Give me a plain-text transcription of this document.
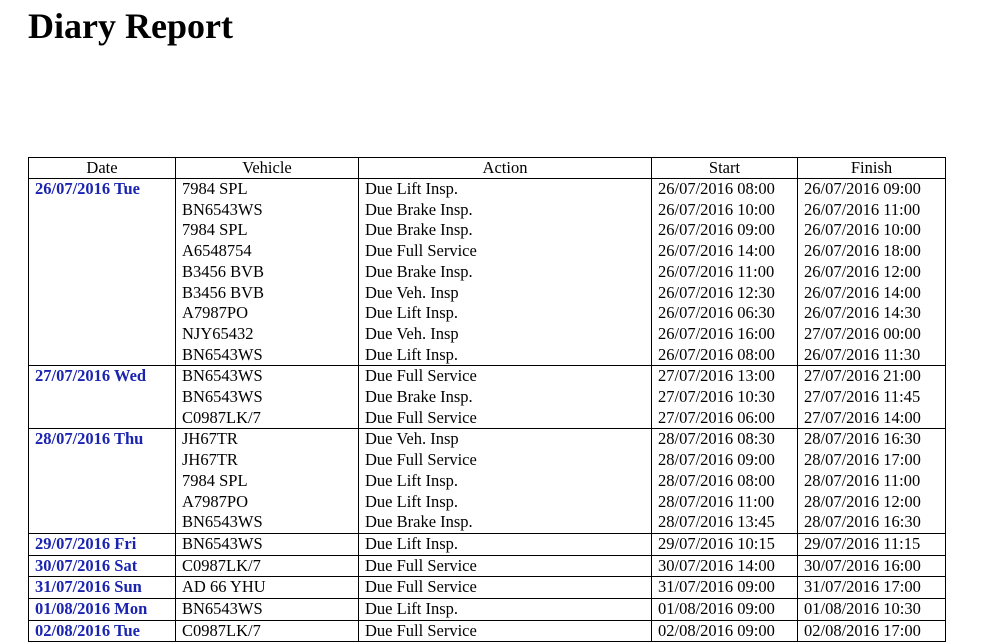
Diary Report
Date	Vehicle	Action	Start	Finish
26/07/2016 Tue	7984 SPL	Due Lift Insp.	26/07/2016 08:00	26/07/2016 09:00
	BN6543WS	Due Brake Insp.	26/07/2016 10:00	26/07/2016 11:00
	7984 SPL	Due Brake Insp.	26/07/2016 09:00	26/07/2016 10:00
	A6548754	Due Full Service	26/07/2016 14:00	26/07/2016 18:00
	B3456 BVB	Due Brake Insp.	26/07/2016 11:00	26/07/2016 12:00
	B3456 BVB	Due Veh. Insp	26/07/2016 12:30	26/07/2016 14:00
	A7987PO	Due Lift Insp.	26/07/2016 06:30	26/07/2016 14:30
	NJY65432	Due Veh. Insp	26/07/2016 16:00	27/07/2016 00:00
	BN6543WS	Due Lift Insp.	26/07/2016 08:00	26/07/2016 11:30
27/07/2016 Wed	BN6543WS	Due Full Service	27/07/2016 13:00	27/07/2016 21:00
	BN6543WS	Due Brake Insp.	27/07/2016 10:30	27/07/2016 11:45
	C0987LK/7	Due Full Service	27/07/2016 06:00	27/07/2016 14:00
28/07/2016 Thu	JH67TR	Due Veh. Insp	28/07/2016 08:30	28/07/2016 16:30
	JH67TR	Due Full Service	28/07/2016 09:00	28/07/2016 17:00
	7984 SPL	Due Lift Insp.	28/07/2016 08:00	28/07/2016 11:00
	A7987PO	Due Lift Insp.	28/07/2016 11:00	28/07/2016 12:00
	BN6543WS	Due Brake Insp.	28/07/2016 13:45	28/07/2016 16:30
29/07/2016 Fri	BN6543WS	Due Lift Insp.	29/07/2016 10:15	29/07/2016 11:15
30/07/2016 Sat	C0987LK/7	Due Full Service	30/07/2016 14:00	30/07/2016 16:00
31/07/2016 Sun	AD 66 YHU	Due Full Service	31/07/2016 09:00	31/07/2016 17:00
01/08/2016 Mon	BN6543WS	Due Lift Insp.	01/08/2016 09:00	01/08/2016 10:30
02/08/2016 Tue	C0987LK/7	Due Full Service	02/08/2016 09:00	02/08/2016 17:00
